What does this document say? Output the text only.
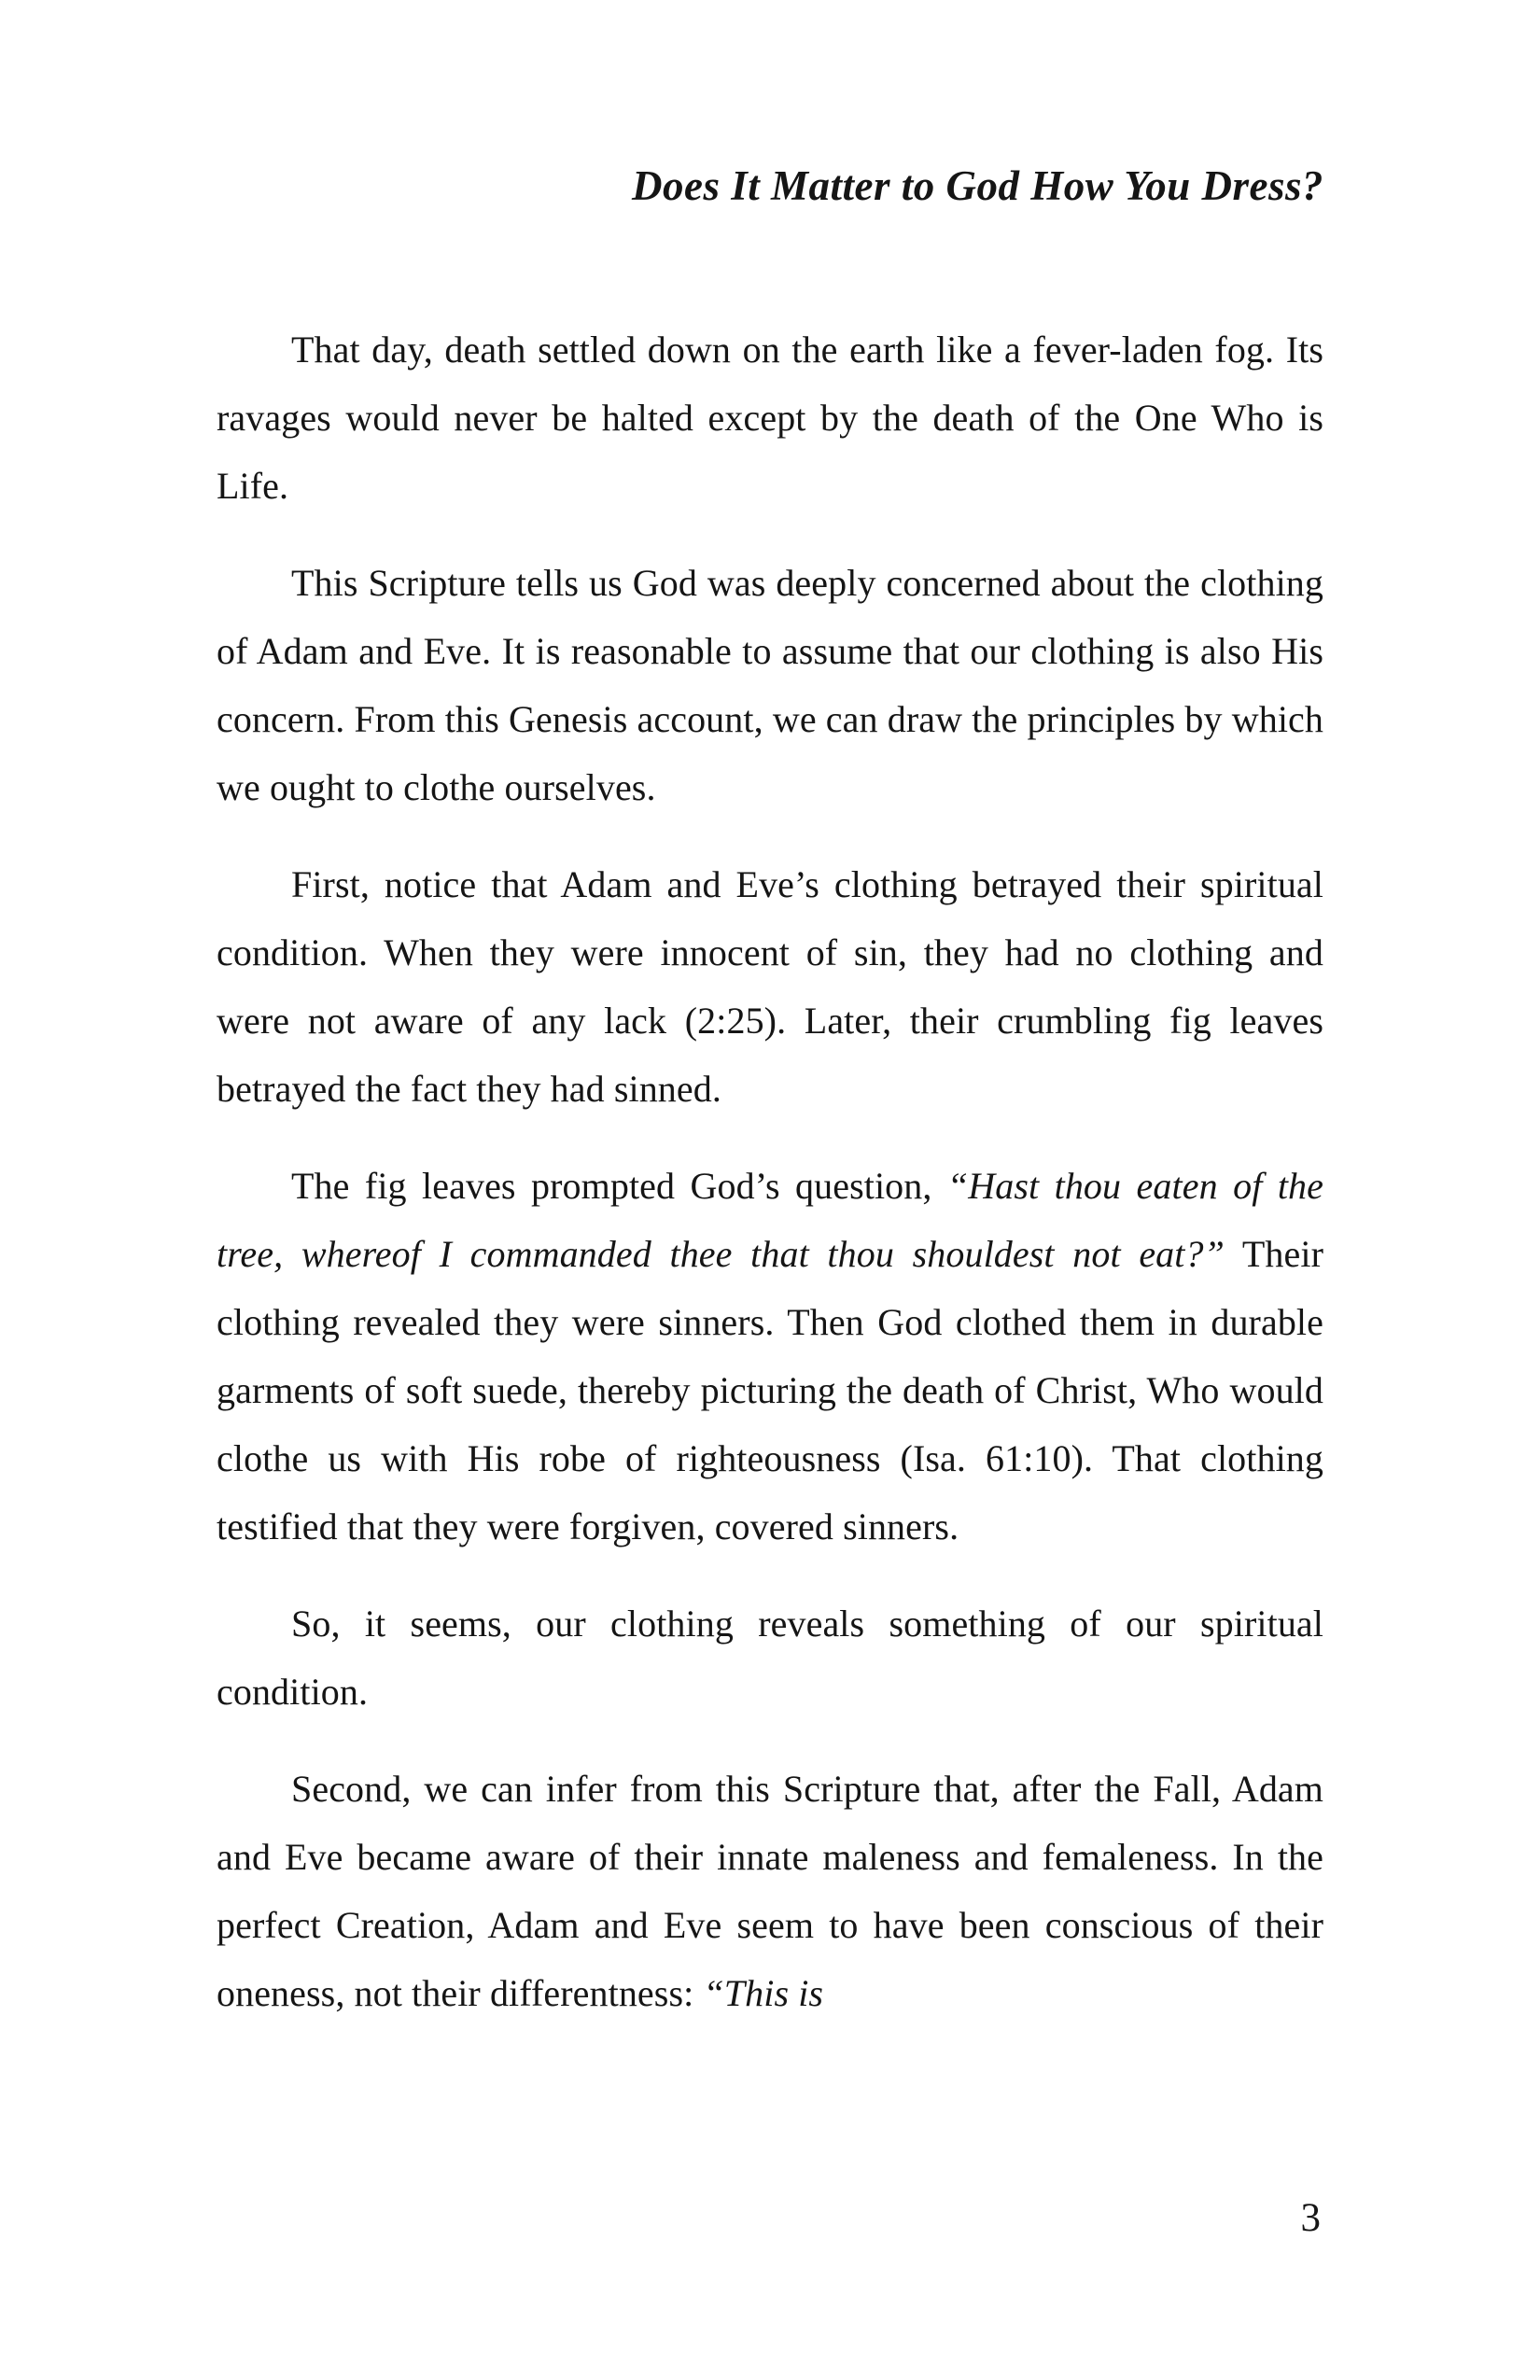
Does It Matter to God How You Dress?

That day, death settled down on the earth like a fever-laden fog. Its ravages would never be halted except by the death of the One Who is Life.

This Scripture tells us God was deeply concerned about the clothing of Adam and Eve. It is reasonable to assume that our clothing is also His concern. From this Genesis account, we can draw the principles by which we ought to clothe ourselves.

First, notice that Adam and Eve’s clothing betrayed their spiritual condition. When they were innocent of sin, they had no clothing and were not aware of any lack (2:25). Later, their crumbling fig leaves betrayed the fact they had sinned.

The fig leaves prompted God’s question, “Hast thou eaten of the tree, whereof I commanded thee that thou shouldest not eat?” Their clothing revealed they were sinners. Then God clothed them in durable garments of soft suede, thereby picturing the death of Christ, Who would clothe us with His robe of righteousness (Isa. 61:10). That clothing testified that they were forgiven, covered sinners.

So, it seems, our clothing reveals something of our spiritual condition.

Second, we can infer from this Scripture that, after the Fall, Adam and Eve became aware of their innate maleness and femaleness. In the perfect Creation, Adam and Eve seem to have been conscious of their oneness, not their differentness: “This is

3
